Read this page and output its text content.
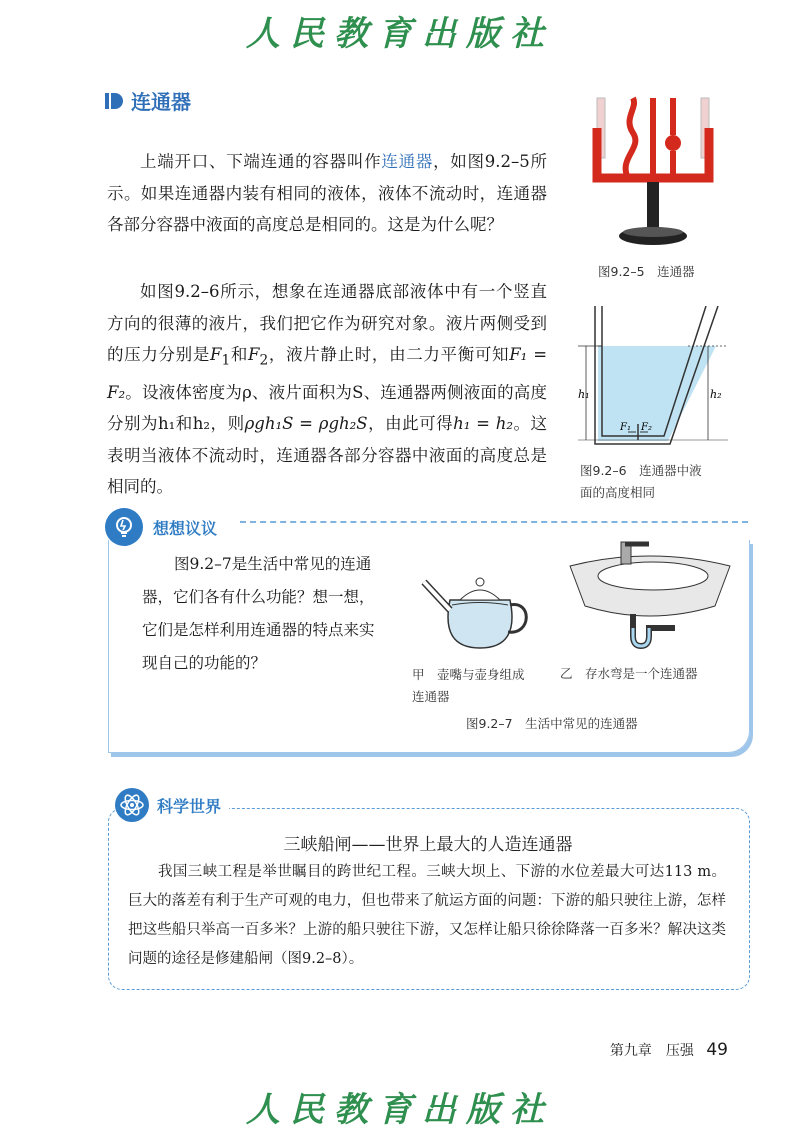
人民教育出版社
连通器
上端开口、下端连通的容器叫作连通器，如图9.2–5所示。如果连通器内装有相同的液体，液体不流动时，连通器各部分容器中液面的高度总是相同的。这是为什么呢？
如图9.2–6所示，想象在连通器底部液体中有一个竖直方向的很薄的液片，我们把它作为研究对象。液片两侧受到的压力分别是$F_1$和$F_2$，液片静止时，由二力平衡可知F₁ = F₂。设液体密度为ρ、液片面积为S、连通器两侧液面的高度分别为h₁和h₂，则ρgh₁S = ρgh₂S，由此可得h₁ = h₂。这表明当液体不流动时，连通器各部分容器中液面的高度总是相同的。
图9.2–5　连通器
h₁	h₂
F₁ F₂
图9.2–6　连通器中液
面的高度相同
想想议议
图9.2–7是生活中常见的连通器，它们各有什么功能？想一想，它们是怎样利用连通器的特点来实现自己的功能的？
甲　壶嘴与壶身组成
连通器
乙　存水弯是一个连通器
图9.2–7　生活中常见的连通器
科学世界
三峡船闸——世界上最大的人造连通器
我国三峡工程是举世瞩目的跨世纪工程。三峡大坝上、下游的水位差最大可达113 m。巨大的落差有利于生产可观的电力，但也带来了航运方面的问题：下游的船只驶往上游，怎样把这些船只举高一百多米？上游的船只驶往下游，又怎样让船只徐徐降落一百多米？解决这类问题的途径是修建船闸（图9.2–8）。
第九章　压强 49
人民教育出版社
